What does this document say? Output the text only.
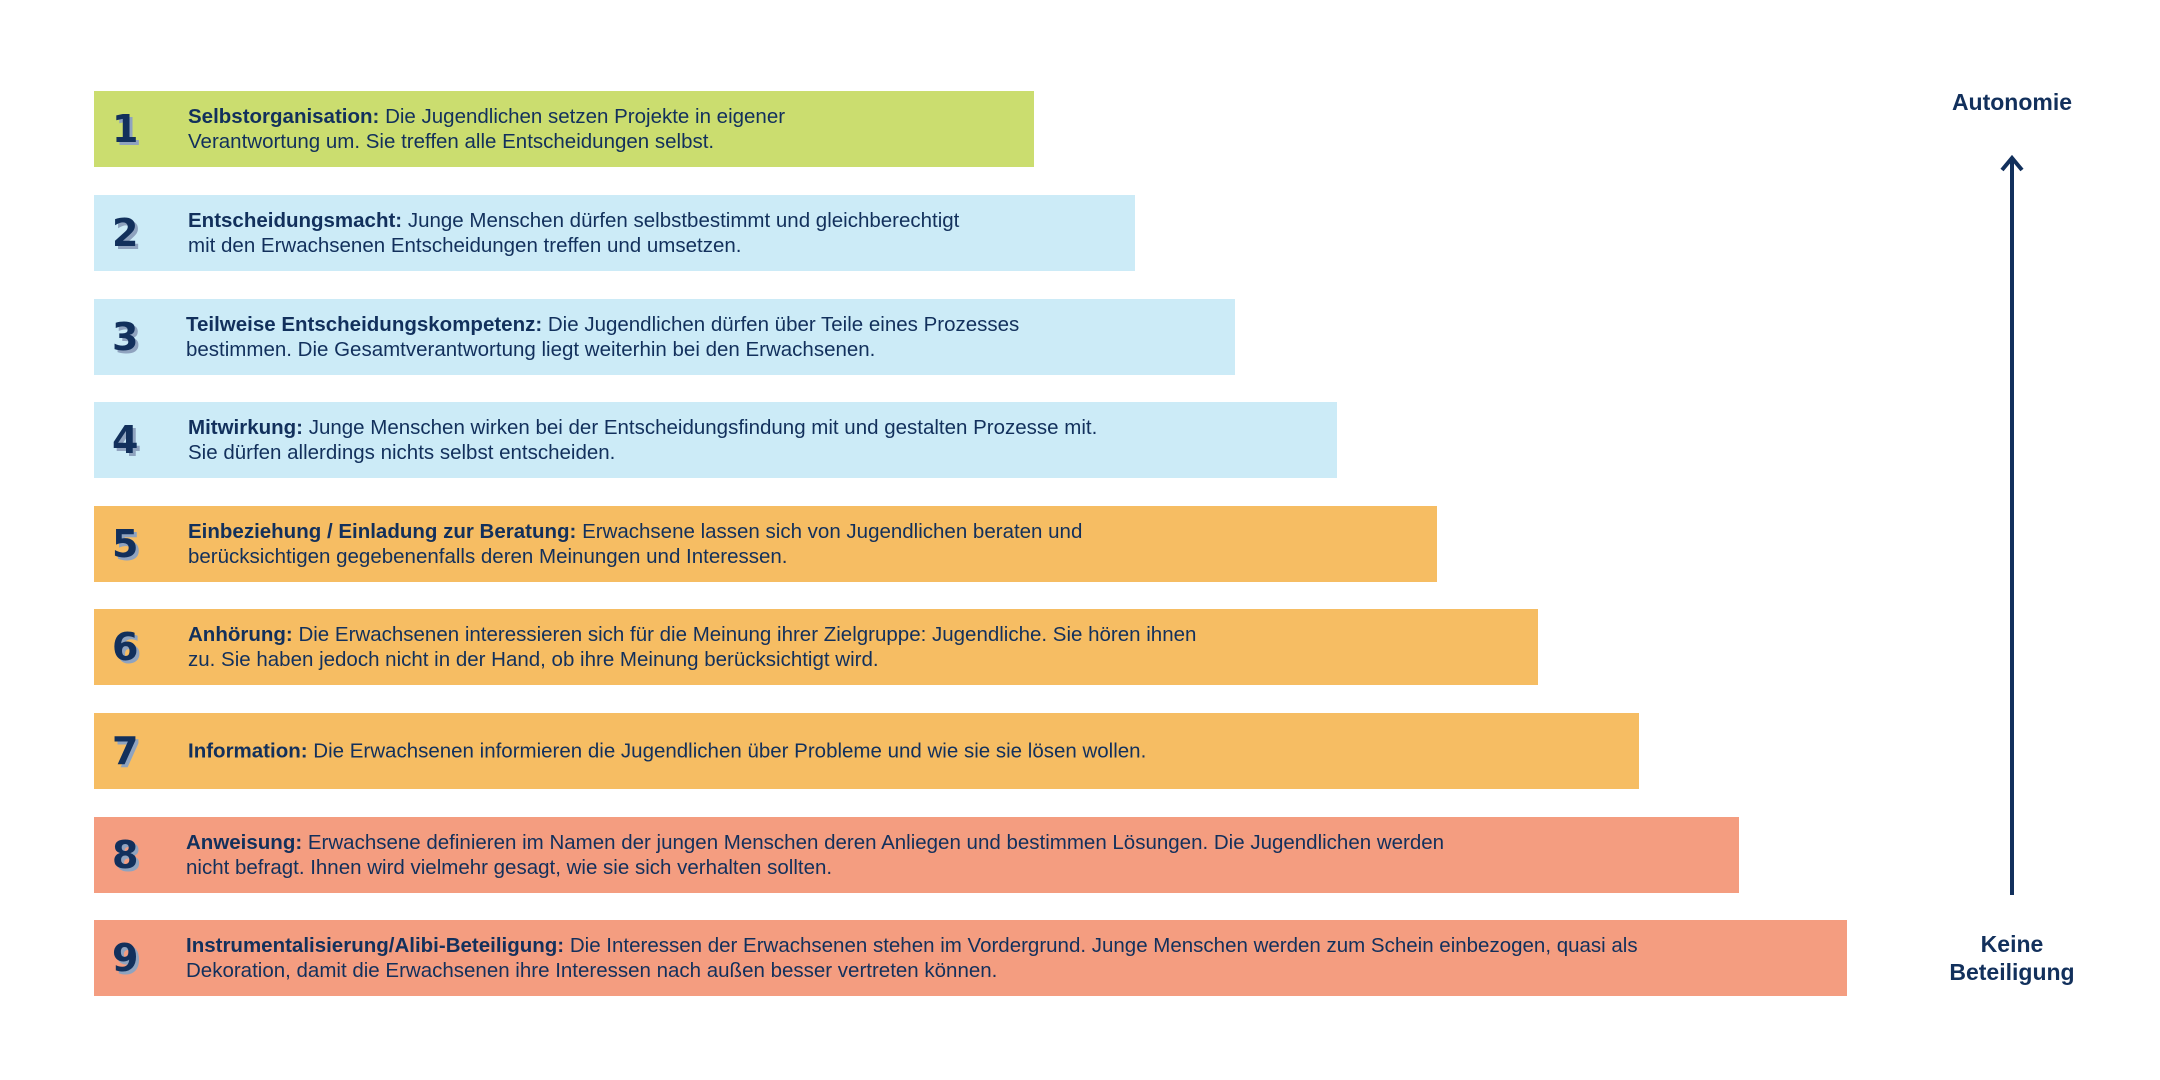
1 Selbstorganisation: Die Jugendlichen setzen Projekte in eigener
Verantwortung um. Sie treffen alle Entscheidungen selbst.
2 Entscheidungsmacht: Junge Menschen dürfen selbstbestimmt und gleichberechtigt
mit den Erwachsenen Entscheidungen treffen und umsetzen.
3 Teilweise Entscheidungskompetenz: Die Jugendlichen dürfen über Teile eines Prozesses
bestimmen. Die Gesamtverantwortung liegt weiterhin bei den Erwachsenen.
4 Mitwirkung: Junge Menschen wirken bei der Entscheidungsfindung mit und gestalten Prozesse mit.
Sie dürfen allerdings nichts selbst entscheiden.
5 Einbeziehung / Einladung zur Beratung: Erwachsene lassen sich von Jugendlichen beraten und
berücksichtigen gegebenenfalls deren Meinungen und Interessen.
6 Anhörung: Die Erwachsenen interessieren sich für die Meinung ihrer Zielgruppe: Jugendliche. Sie hören ihnen
zu. Sie haben jedoch nicht in der Hand, ob ihre Meinung berücksichtigt wird.
7 Information: Die Erwachsenen informieren die Jugendlichen über Probleme und wie sie sie lösen wollen.
8 Anweisung: Erwachsene definieren im Namen der jungen Menschen deren Anliegen und bestimmen Lösungen. Die Jugendlichen werden
nicht befragt. Ihnen wird vielmehr gesagt, wie sie sich verhalten sollten.
9 Instrumentalisierung/Alibi-Beteiligung: Die Interessen der Erwachsenen stehen im Vordergrund. Junge Menschen werden zum Schein einbezogen, quasi als
Dekoration, damit die Erwachsenen ihre Interessen nach außen besser vertreten können.
Autonomie
Keine
Beteiligung
